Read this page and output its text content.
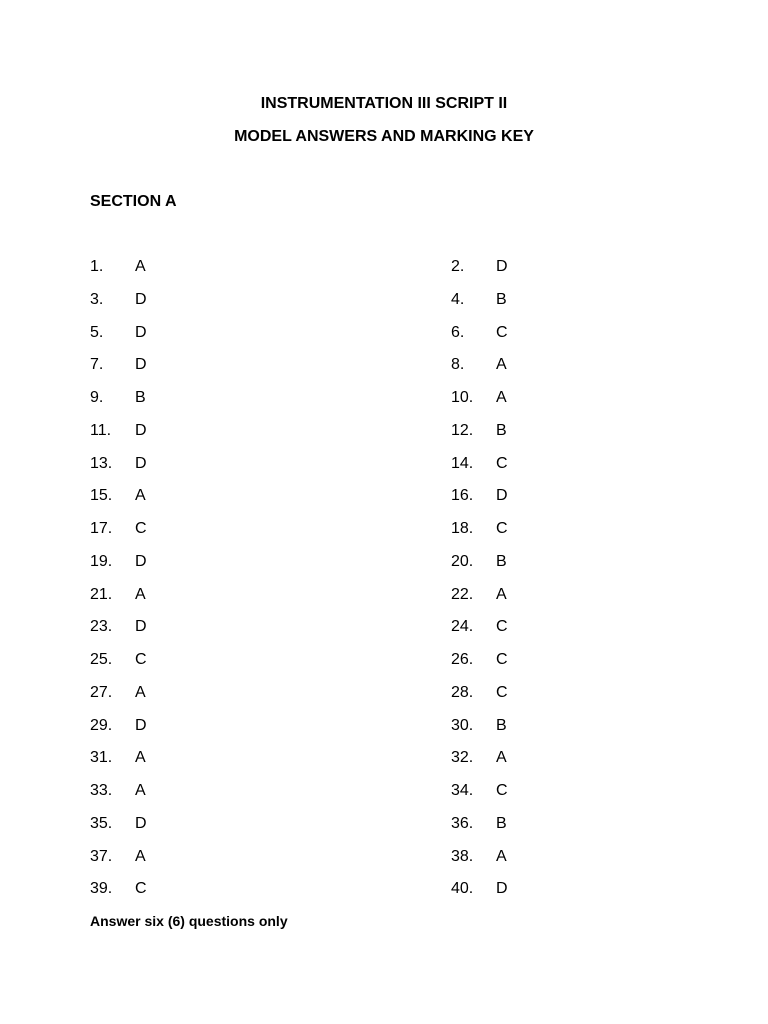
INSTRUMENTATION III SCRIPT II
MODEL ANSWERS AND MARKING KEY
SECTION A
1. A	2. D
3. D	4. B
5. D	6. C
7. D	8. A
9. B	10. A
11. D	12. B
13. D	14. C
15. A	16. D
17. C	18. C
19. D	20. B
21. A	22. A
23. D	24. C
25. C	26. C
27. A	28. C
29. D	30. B
31. A	32. A
33. A	34. C
35. D	36. B
37. A	38. A
39. C	40. D
Answer six (6) questions only
